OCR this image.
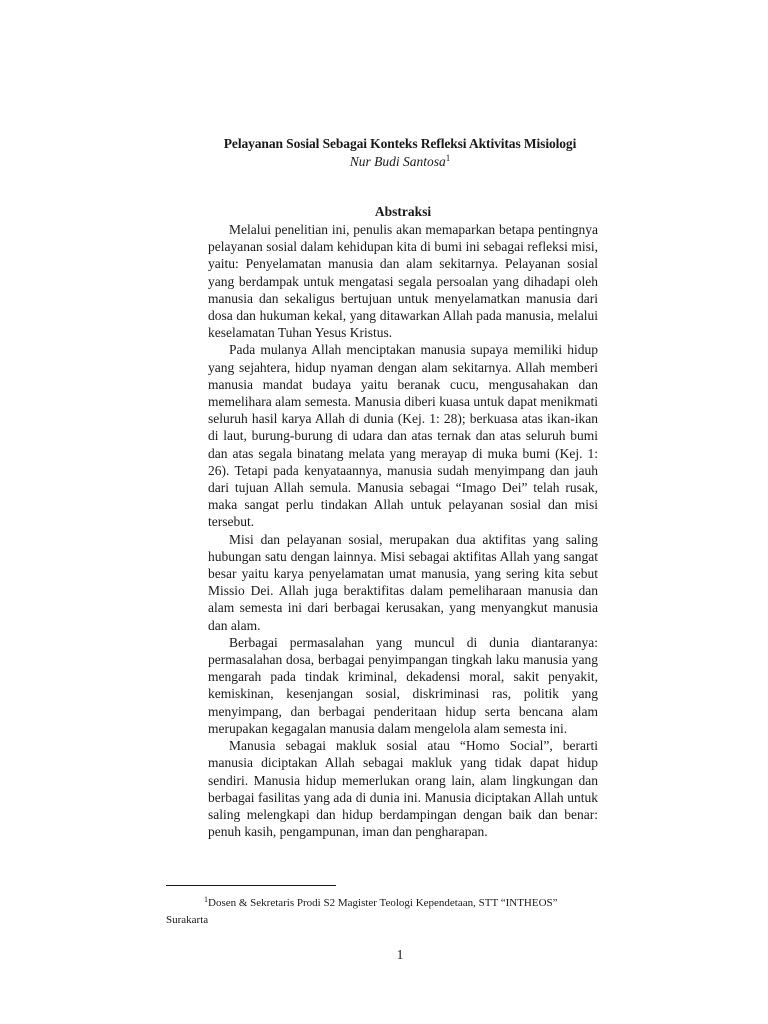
Pelayanan Sosial Sebagai Konteks Refleksi Aktivitas Misiologi
Nur Budi Santosa$^1$
Abstraksi

Melalui penelitian ini, penulis akan memaparkan betapa pentingnya pelayanan sosial dalam kehidupan kita di bumi ini sebagai refleksi misi, yaitu: Penyelamatan manusia dan alam sekitarnya. Pelayanan sosial yang berdampak untuk mengatasi segala persoalan yang dihadapi oleh manusia dan sekaligus bertujuan untuk menyelamatkan manusia dari dosa dan hukuman kekal, yang ditawarkan Allah pada manusia, melalui keselamatan Tuhan Yesus Kristus.

Pada mulanya Allah menciptakan manusia supaya memiliki hidup yang sejahtera, hidup nyaman dengan alam sekitarnya. Allah memberi manusia mandat budaya yaitu beranak cucu, mengusahakan dan memelihara alam semesta. Manusia diberi kuasa untuk dapat menikmati seluruh hasil karya Allah di dunia (Kej. 1: 28); berkuasa atas ikan-ikan di laut, burung-burung di udara dan atas ternak dan atas seluruh bumi dan atas segala binatang melata yang merayap di muka bumi (Kej. 1: 26). Tetapi pada kenyataannya, manusia sudah menyimpang dan jauh dari tujuan Allah semula. Manusia sebagai “Imago Dei” telah rusak, maka sangat perlu tindakan Allah untuk pelayanan sosial dan misi tersebut.

Misi dan pelayanan sosial, merupakan dua aktifitas yang saling hubungan satu dengan lainnya. Misi sebagai aktifitas Allah yang sangat besar yaitu karya penyelamatan umat manusia, yang sering kita sebut Missio Dei. Allah juga beraktifitas dalam pemeliharaan manusia dan alam semesta ini dari berbagai kerusakan, yang menyangkut manusia dan alam.

Berbagai permasalahan yang muncul di dunia diantaranya: permasalahan dosa, berbagai penyimpangan tingkah laku manusia yang mengarah pada tindak kriminal, dekadensi moral, sakit penyakit, kemiskinan, kesenjangan sosial, diskriminasi ras, politik yang menyimpang, dan berbagai penderitaan hidup serta bencana alam merupakan kegagalan manusia dalam mengelola alam semesta ini.

Manusia sebagai makluk sosial atau “Homo Social”, berarti manusia diciptakan Allah sebagai makluk yang tidak dapat hidup sendiri. Manusia hidup memerlukan orang lain, alam lingkungan dan berbagai fasilitas yang ada di dunia ini. Manusia diciptakan Allah untuk saling melengkapi dan hidup berdampingan dengan baik dan benar: penuh kasih, pengampunan, iman dan pengharapan.

$^1$Dosen & Sekretaris Prodi S2 Magister Teologi Kependetaan, STT “INTHEOS” Surakarta

1
